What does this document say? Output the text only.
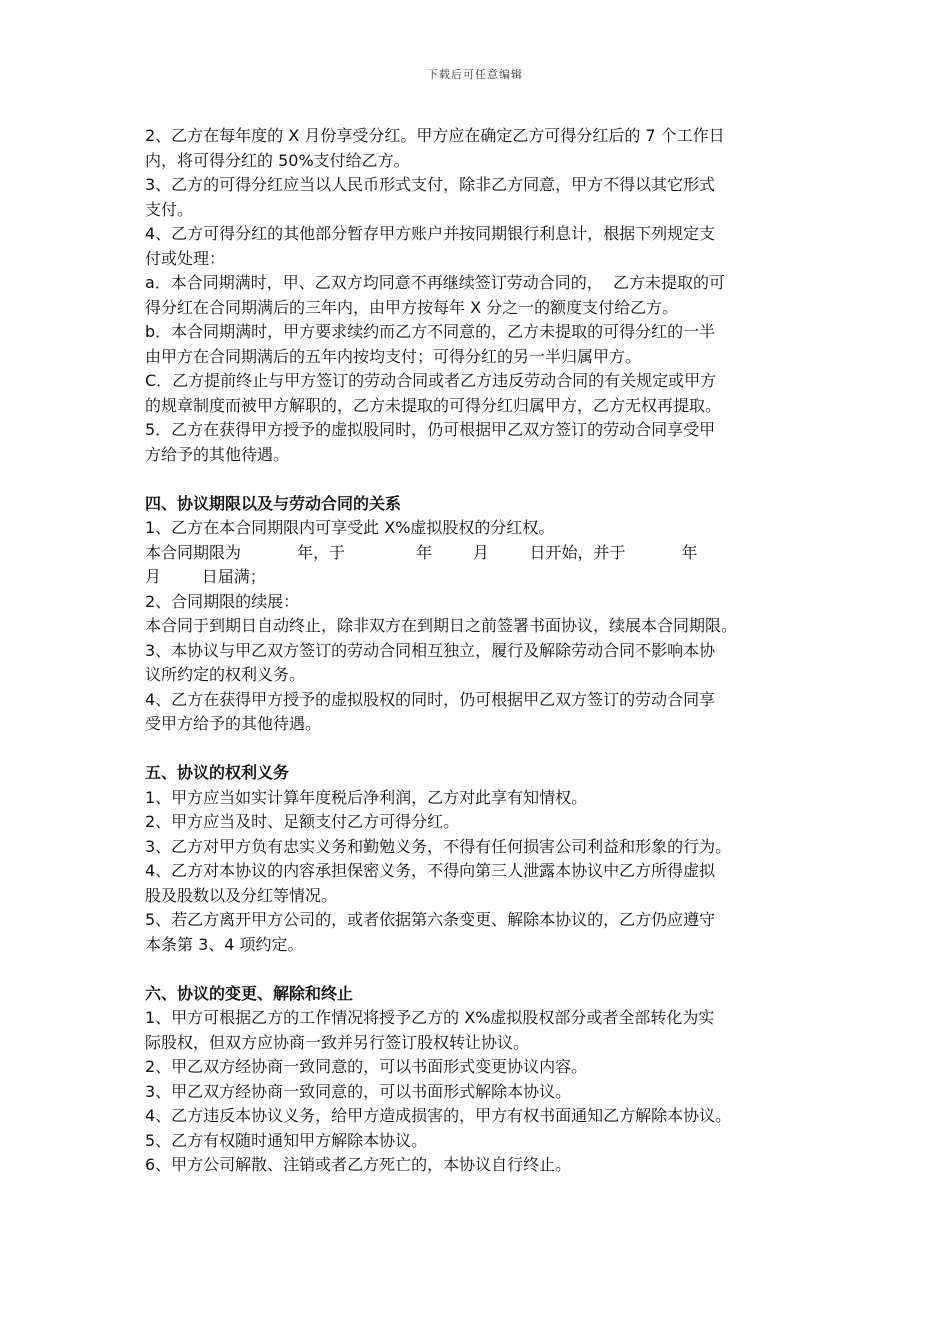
下载后可任意编辑
2、乙方在每年度的 X 月份享受分红。甲方应在确定乙方可得分红后的 7 个工作日
内，将可得分红的 50%支付给乙方。
3、乙方的可得分红应当以人民币形式支付，除非乙方同意，甲方不得以其它形式
支付。
4、乙方可得分红的其他部分暂存甲方账户并按同期银行利息计，根据下列规定支
付或处理：
a．本合同期满时，甲、乙双方均同意不再继续签订劳动合同的，  乙方未提取的可
得分红在合同期满后的三年内，由甲方按每年 X 分之一的额度支付给乙方。
b．本合同期满时，甲方要求续约而乙方不同意的，乙方未提取的可得分红的一半
由甲方在合同期满后的五年内按均支付；可得分红的另一半归属甲方。
C．乙方提前终止与甲方签订的劳动合同或者乙方违反劳动合同的有关规定或甲方
的规章制度而被甲方解职的，乙方未提取的可得分红归属甲方，乙方无权再提取。
5．乙方在获得甲方授予的虚拟股同时，仍可根据甲乙双方签订的劳动合同享受甲
方给予的其他待遇。
四、协议期限以及与劳动合同的关系
1、乙方在本合同期限内可享受此 X%虚拟股权的分红权。
本合同期限为           年，于              年        月        日开始，并于           年
月        日届满；
2、合同期限的续展：
本合同于到期日自动终止，除非双方在到期日之前签署书面协议，续展本合同期限。
3、本协议与甲乙双方签订的劳动合同相互独立，履行及解除劳动合同不影响本协
议所约定的权利义务。
4、乙方在获得甲方授予的虚拟股权的同时，仍可根据甲乙双方签订的劳动合同享
受甲方给予的其他待遇。
五、协议的权利义务
1、甲方应当如实计算年度税后净利润，乙方对此享有知情权。
2、甲方应当及时、足额支付乙方可得分红。
3、乙方对甲方负有忠实义务和勤勉义务，不得有任何损害公司利益和形象的行为。
4、乙方对本协议的内容承担保密义务，不得向第三人泄露本协议中乙方所得虚拟
股及股数以及分红等情况。
5、若乙方离开甲方公司的，或者依据第六条变更、解除本协议的，乙方仍应遵守
本条第 3、4 项约定。
六、协议的变更、解除和终止
1、甲方可根据乙方的工作情况将授予乙方的 X%虚拟股权部分或者全部转化为实
际股权，但双方应协商一致并另行签订股权转让协议。
2、甲乙双方经协商一致同意的，可以书面形式变更协议内容。
3、甲乙双方经协商一致同意的，可以书面形式解除本协议。
4、乙方违反本协议义务，给甲方造成损害的，甲方有权书面通知乙方解除本协议。
5、乙方有权随时通知甲方解除本协议。
6、甲方公司解散、注销或者乙方死亡的，本协议自行终止。
